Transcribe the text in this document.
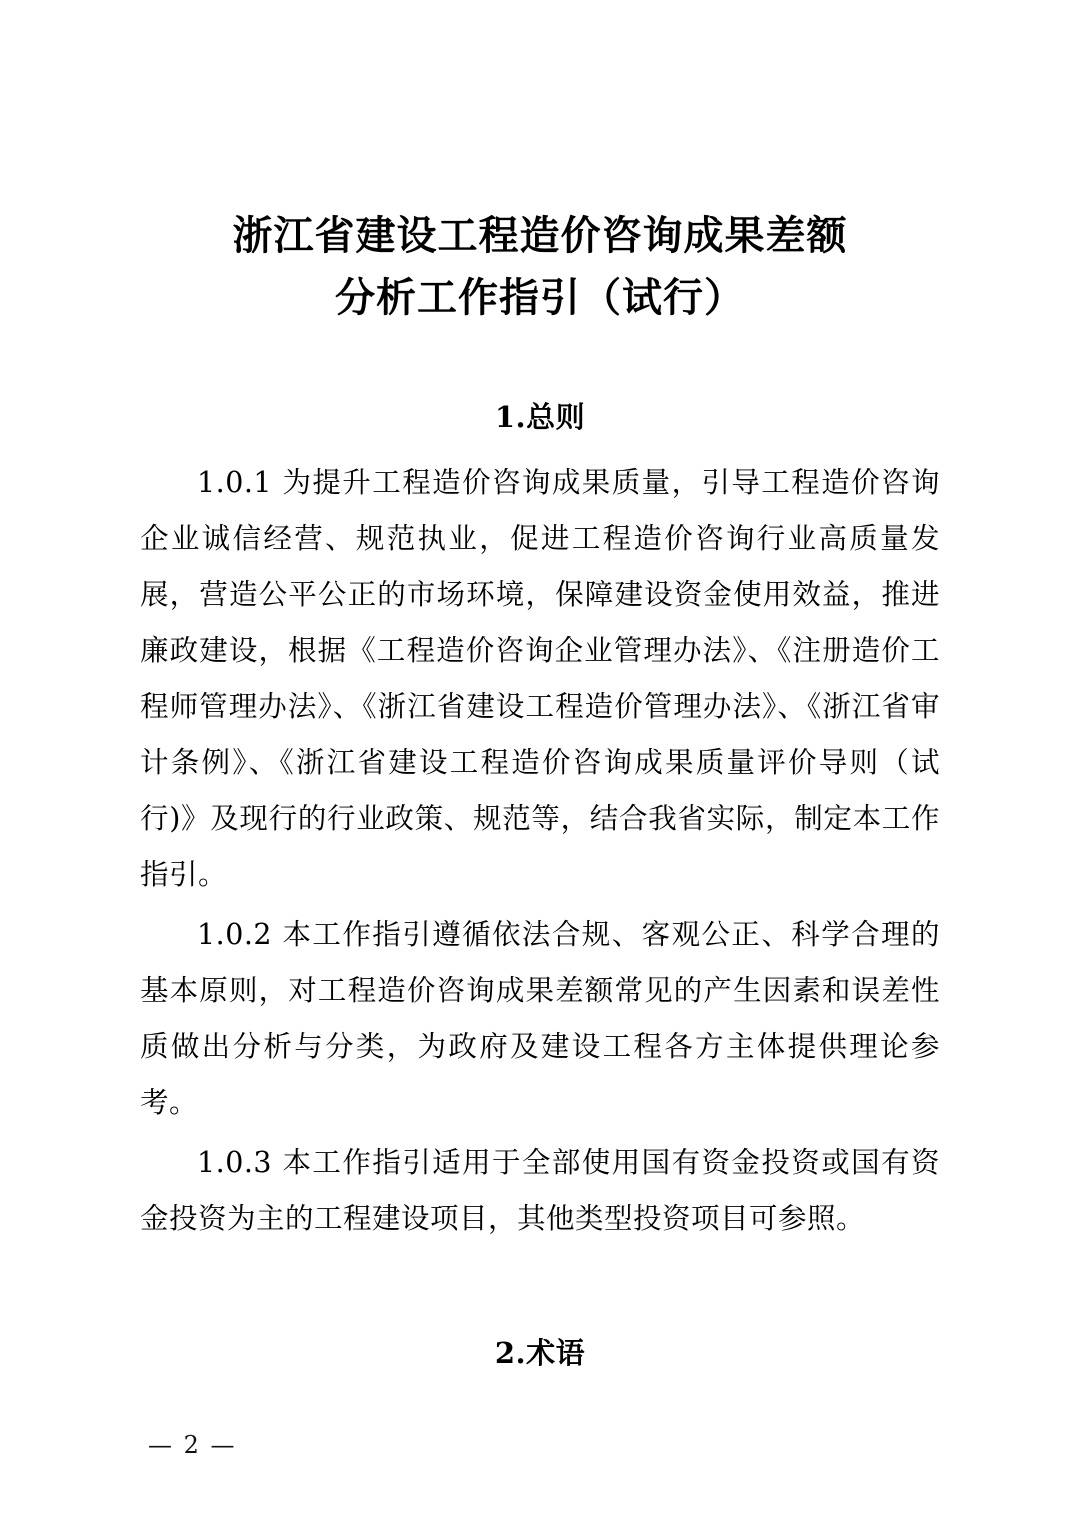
浙江省建设工程造价咨询成果差额
分析工作指引（试行）
1.总则

1.0.1 为提升工程造价咨询成果质量，引导工程造价咨询企业诚信经营、规范执业，促进工程造价咨询行业高质量发展，营造公平公正的市场环境，保障建设资金使用效益，推进廉政建设，根据《工程造价咨询企业管理办法》、《注册造价工程师管理办法》、《浙江省建设工程造价管理办法》、《浙江省审计条例》、《浙江省建设工程造价咨询成果质量评价导则（试行)》及现行的行业政策、规范等，结合我省实际，制定本工作指引。

1.0.2 本工作指引遵循依法合规、客观公正、科学合理的基本原则，对工程造价咨询成果差额常见的产生因素和误差性质做出分析与分类，为政府及建设工程各方主体提供理论参考。

1.0.3 本工作指引适用于全部使用国有资金投资或国有资金投资为主的工程建设项目，其他类型投资项目可参照。

2.术语
— 2 —
